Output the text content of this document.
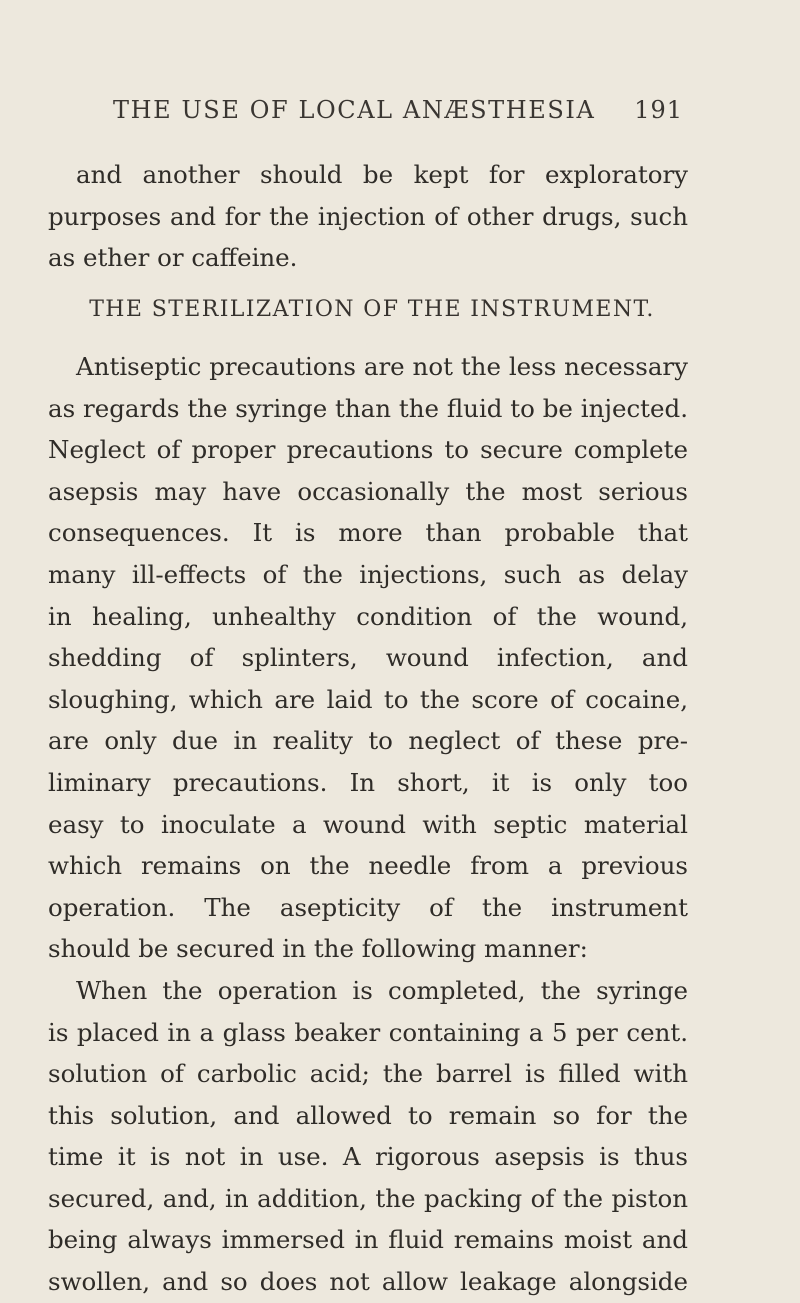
THE USE OF LOCAL ANÆSTHESIA 191
and another should be kept for exploratory
purposes and for the injection of other drugs, such
as ether or caffeine.
THE STERILIZATION OF THE INSTRUMENT.
Antiseptic precautions are not the less necessary
as regards the syringe than the fluid to be injected.
Neglect of proper precautions to secure complete
asepsis may have occasionally the most serious
consequences. It is more than probable that
many ill-effects of the injections, such as delay
in healing, unhealthy condition of the wound,
shedding of splinters, wound infection, and
sloughing, which are laid to the score of cocaine,
are only due in reality to neglect of these pre-
liminary precautions. In short, it is only too
easy to inoculate a wound with septic material
which remains on the needle from a previous
operation. The asepticity of the instrument
should be secured in the following manner:
When the operation is completed, the syringe
is placed in a glass beaker containing a 5 per cent.
solution of carbolic acid; the barrel is filled with
this solution, and allowed to remain so for the
time it is not in use. A rigorous asepsis is thus
secured, and, in addition, the packing of the piston
being always immersed in fluid remains moist and
swollen, and so does not allow leakage alongside
